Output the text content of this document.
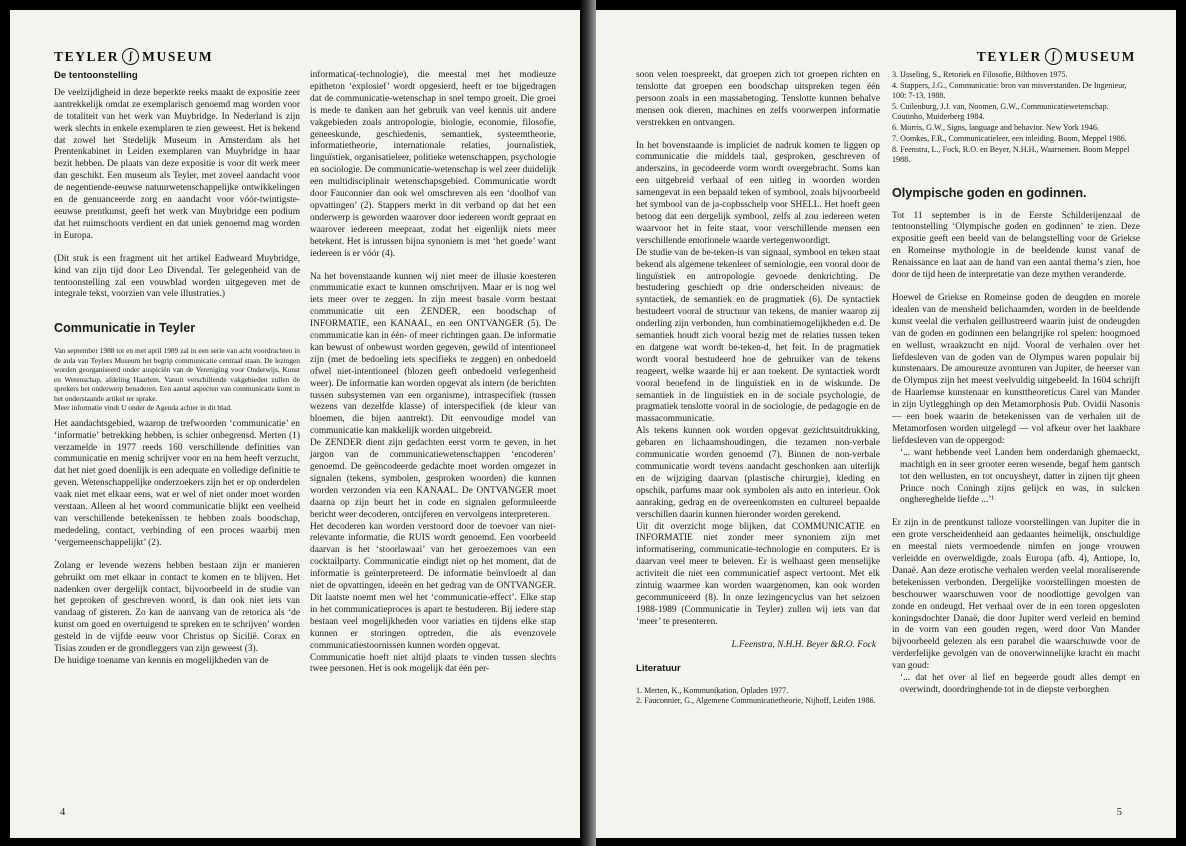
TEYLER ʃ MUSEUM

De tentoonstelling

De veelzijdigheid in deze beperkte reeks maakt de expositie zeer aantrekkelijk omdat ze exemplarisch genoemd mag worden voor de totaliteit van het werk van Muybridge. In Nederland is zijn werk slechts in enkele exemplaren te zien geweest. Het is bekend dat zowel het Stedelijk Museum in Amsterdam als het Prentenkabinet in Leiden exemplaren van Muybridge in haar bezit hebben. De plaats van deze expositie is voor dit werk meer dan geschikt. Een museum als Teyler, met zoveel aandacht voor de negentiende-eeuwse natuurwetenschappelijke ontwikkelingen en de genuanceerde zorg en aandacht voor vóór-twintigste-eeuwse prentkunst, geeft het werk van Muybridge een podium dat het ruimschoots verdient en dat uniek genoemd mag worden in Europa.

(Dit stuk is een fragment uit het artikel Eadweard Muybridge, kind van zijn tijd door Leo Divendal. Ter gelegenheid van de tentoonstelling zal een vouwblad worden uitgegeven met de integrale tekst, voorzien van vele illustraties.)

Communicatie in Teyler

Van september 1988 tot en met april 1989 zal in een serie van acht voordrachten in de aula van Teylers Museum het begrip communicatie centraal staan. De lezingen worden georganiseerd onder auspiciën van de Vereniging voor Onderwijs, Kunst en Wetenschap, afdeling Haarlem. Vanuit verschillende vakgebieden zullen de sprekers het onderwerp benaderen. Een aantal aspecten van communicatie komt in het onderstaande artikel ter sprake.

Meer informatie vindt U onder de Agenda achter in dit blad.

Het aandachtsgebied, waarop de trefwoorden ‘communicatie’ en ‘informatie’ betrekking hebben, is schier onbegrensd. Merten (1) verzamelde in 1977 reeds 160 verschillende definities van communicatie en menig schrijver voor en na hem heeft verzucht, dat het niet goed doenlijk is een adequate en volledige definitie te geven. Wetenschappelijke onderzoekers zijn het er op onderdelen vaak niet met elkaar eens, wat er wel of niet onder moet worden verstaan. Alleen al het woord communicatie blijkt een veelheid van verschillende betekenissen te hebben zoals boodschap, mededeling, contact, verbinding of een proces waarbij men ‘vergemeenschappelijkt’ (2).

Zolang er levende wezens hebben bestaan zijn er manieren gebruikt om met elkaar in contact te komen en te blijven. Het nadenken over dergelijk contact, bijvoorbeeld in de studie van het geproken of geschreven woord, is dan ook niet iets van vandaag of gisteren. Zo kan de aanvang van de retorica als ‘de kunst om goed en overtuigend te spreken en te schrijven’ worden gesteld in de vijfde eeuw voor Christus op Sicilië. Corax en Tisias zouden er de grondleggers van zijn geweest (3).

De huidige toename van kennis en mogelijkheden van de

informatica(-technologie), die meestal met het modieuze epitheton ‘explosief’ wordt opgesierd, heeft er toe bijgedragen dat de communicatie-wetenschap in snel tempo groeit. Die groei is mede te danken aan het gebruik van veel kennis uit andere vakgebieden zoals antropologie, biologie, economie, filosofie, geneeskunde, geschiedenis, semantiek, systeemtheorie, informatietheorie, internationale relaties, journalistiek, linguïstiek, organisatieleer, politieke wetenschappen, psychologie en sociologie. De communicatie-wetenschap is wel zeer duidelijk een multidisciplinair wetenschapsgebied. Communicatie wordt door Fauconnier dan ook wel omschreven als een ‘doolhof van opvattingen’ (2). Stappers merkt in dit verband op dat het een onderwerp is geworden waarover door iedereen wordt gepraat en waarover iedereen meepraat, zodat het eigenlijk niets meer betekent. Het is intussen bijna synoniem is met ‘het goede’ want iedereen is er vóór (4).

Na het bovenstaande kunnen wij niet meer de illusie koesteren communicatie exact te kunnen omschrijven. Maar er is nog wel iets meer over te zeggen. In zijn meest basale vorm bestaat communicatie uit een ZENDER, een boodschap of INFORMATIE, een KANAAL, en een ONTVANGER (5). De communicatie kan in één- of meer richtingen gaan. De informatie kan bewust of onbewust worden gegeven, gewild of intentioneel zijn (met de bedoeling iets specifieks te zeggen) en onbedoeld ofwel niet-intentioneel (blozen geeft onbedoeld verlegenheid weer). De informatie kan worden opgevat als intern (de berichten tussen subsystemen van een organisme), intraspecifiek (tussen wezens van dezelfde klasse) of interspecifiek (de kleur van bloemen, die bijen aantrekt). Dit eenvoudige model van communicatie kan makkelijk worden uitgebreid.

De ZENDER dient zijn gedachten eerst vorm te geven, in het jargon van de communicatiewetenschappen ‘encoderen’ genoemd. De geëncodeerde gedachte moet worden omgezet in signalen (tekens, symbolen, gesproken woorden) die kunnen worden verzonden via een KANAAL. De ONTVANGER moet daarna op zijn beurt het in code en signalen geformuleerde bericht weer decoderen, ontcijferen en vervolgens interpreteren.

Het decoderen kan worden verstoord door de toevoer van niet-relevante informatie, die RUIS wordt genoemd. Een voorbeeld daarvan is het ‘stoorlawaai’ van het geroezemoes van een cocktailparty. Communicatie eindigt niet op het moment, dat de informatie is geïnterpreteerd. De informatie beïnvloedt al dan niet de opvattingen, ideeën en het gedrag van de ONTVANGER. Dit laatste noemt men wel het ‘communicatie-effect’. Elke stap in het communicatieproces is apart te bestuderen. Bij iedere stap bestaan veel mogelijkheden voor variaties en tijdens elke stap kunnen er storingen optreden, die als evenzovele communicatiestoornissen kunnen worden opgevat.

Communicatie hoeft niet altijd plaats te vinden tussen slechts twee personen. Het is ook mogelijk dat één per-

4
TEYLER ʃ MUSEUM

soon velen toespreekt, dat groepen zich tot groepen richten en tenslotte dat groepen een boodschap uitspreken tegen één persoon zoals in een massabetoging. Tenslotte kunnen behalve mensen ook dieren, machines en zelfs voorwerpen informatie verstrekken en ontvangen.

In het bovenstaande is impliciet de nadruk komen te liggen op communicatie die middels taal, gesproken, geschreven of anderszins, in gecodeerde vorm wordt overgebracht. Soms kan een uitgebreid verhaal of een uitleg in woorden worden samengevat in een bepaald teken of symbool, zoals bijvoorbeeld het symbool van de ja-copbsschelp voor SHELL. Het hoeft geen betoog dat een dergelijk symbool, zelfs al zou iedereen weten waarvoor het in feite staat, voor verschillende mensen een verschillende emotionele waarde vertegenwoordigt.

De studie van de be-teken-is van signaal, symbool en teken staat bekend als algemene tekenleer of semiologie, een vooral door de linguïstiek en antropologie gevoede denkrichting. De bestudering geschiedt op drie onderscheiden niveaus: de syntactiek, de semantiek en de pragmatiek (6). De syntactiek bestudeert vooral de structuur van tekens, de manier waarop zij onderling zijn verbonden, hun combinatiemogelijkheden e.d. De semantiek houdt zich vooral bezig met de relaties tussen teken en datgene wat wordt be-teken-d, het feit. In de pragmatiek wordt vooral bestudeerd hoe de gebruiker van de tekens reageert, welke waarde hij er aan toekent. De syntactiek wordt vooral beoefend in de linguïstiek en in de wiskunde. De semantiek in de linguïstiek en in de sociale psychologie, de pragmatiek tenslotte vooral in de sociologie, de pedagogie en de massacommunicatie.

Als tekens kunnen ook worden opgevat gezichtsuitdrukking, gebaren en lichaamshoudingen, die tezamen non-verbale communicatie worden genoemd (7). Binnen de non-verbale communicatie wordt tevens aandacht geschonken aan uiterlijk en de wijziging daarvan (plastische chirurgie), kleding en opschik, parfums maar ook symbolen als auto en interieur. Ook aanraking, gedrag en de overeenkomsten en cultureel bepaalde verschillen daarin kunnen hieronder worden gerekend.

Uit dit overzicht moge blijken, dat COMMUNICATIE en INFORMATIE niet zonder meer synoniem zijn met informatisering, communicatie-technologie en computers. Er is daarvan veel meer te beleven. Er is welhaast geen menselijke activiteit die niet een communicatief aspect vertoont. Met elk zintuig waarmee kan worden waargenomen, kan ook worden gecommuniceerd (8). In onze lezingencyclus van het seizoen 1988-1989 (Communicatie in Teyler) zullen wij iets van dat ‘meer’ te presenteren.

L.Feenstra, N.H.H. Beyer &R.O. Fock

Literatuur

1. Merten, K., Kommunikation, Opladen 1977.

2. Fauconnier, G., Algemene Communicatietheorie, Nijhoff, Leiden 1986.

3. IJsseling, S., Retoriek en Filosofie, Bilthoven 1975.

4. Stappers, J.G., Communicatie: bron van misverstanden. De Ingenieur, 100: 7-13, 1988.

5. Cuilenburg, J.J. van, Noomen, G.W., Communicatiewetenschap. Coutinho, Muiderberg 1984.

6. Morris, G.W., Signs, language and behavior. New York 1946.

7. Oomkes, F.R., Communicatieleer, een inleiding. Boom, Meppel 1986.

8. Feenstra, L., Fock, R.O. en Beyer, N.H.H., Waarnemen. Boom Meppel 1988.

Olympische goden en godinnen.

Tot 11 september is in de Eerste Schilderijenzaal de tentoonstelling ‘Olympische goden en godinnen’ te zien. Deze expositie geeft een beeld van de belangstelling voor de Griekse en Romeinse mythologie in de beeldende kunst vanaf de Renaissance en laat aan de hand van een aantal thema’s zien, hoe door de tijd heen de interpretatie van deze mythen veranderde.

Hoewel de Griekse en Romeinse goden de deugden en morele idealen van de mensheid belichaamden, worden in de beeldende kunst veelal die verhalen geïllustreerd waarin juist de ondeugden van de goden en godinnen een belangrijke rol spelen: hoogmoed en wellust, wraakzucht en nijd. Vooral de verhalen over het liefdesleven van de goden van de Olympus waren populair bij kunstenaars. De amoureuze avonturen van Jupiter, de heerser van de Olympus zijn het meest veelvuldig uitgebeeld. In 1604 schrijft de Haarlemse kunstenaar en kunsttheoreticus Carel van Mander in zijn Uytlegghingh op den Metamorphosis Pub. Ovidii Nasonis — een boek waarin de betekenissen van de verhalen uit de Metamorfosen worden uitgelegd — vol afkeur over het laakbare liefdesleven van de oppergod:

‘... want hebbende veel Landen hem onderdanigh ghemaeckt, machtigh en in seer grooter eeren wesende, begaf hem gantsch tot den wellusten, en tot oncuysheyt, datter in zijnen tijt gheen Prince noch Coningh zijns gelijck en was, in sulcken onghereghelde liefde ...’¹

Er zijn in de prentkunst talloze voorstellingen van Jupiter die in een grote verscheidenheid aan gedaantes heimelijk, onschuldige en meestal niets vermoedende nimfen en jonge vrouwen verleidde en overweldigde, zoals Europa (afb. 4), Antiope, Io, Danaë. Aan deze erotische verhalen werden veelal moraliserende betekenissen verbonden. Dergelijke voorstellingen moesten de beschouwer waarschuwen voor de noodlottige gevolgen van zonde en ondeugd. Het verhaal over de in een toren opgesloten koningsdochter Danaë, die door Jupiter werd verleid en bemind in de vorm van een gouden regen, werd door Van Mander bijvoorbeeld gelezen als een parabel die waarschuwde voor de verderfelijke gevolgen van de onoverwinnelijke kracht en macht van goud:

‘... dat het over al lief en begeerde goudt alles dempt en overwindt, doordringhende tot in de diepste verborghen

5
